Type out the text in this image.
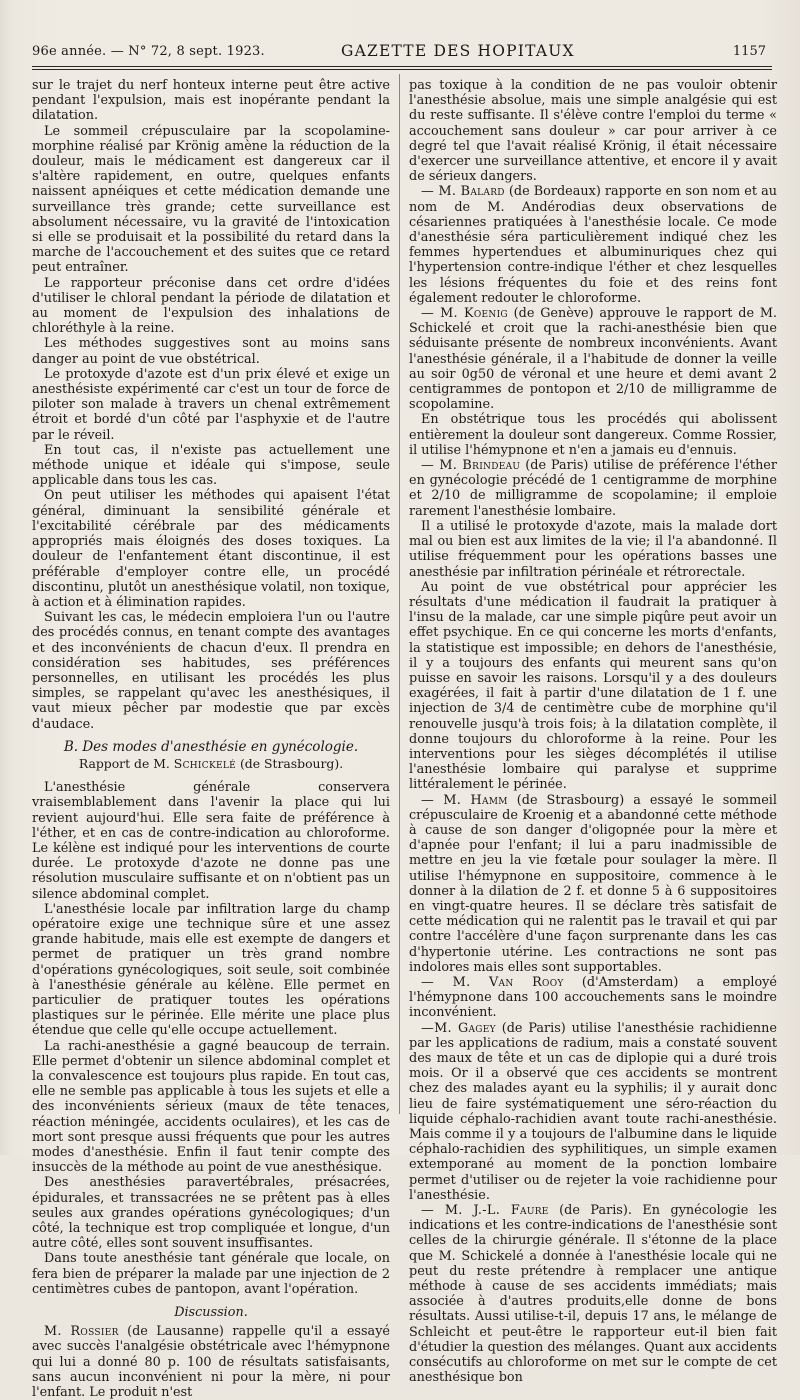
96e année. — N° 72, 8 sept. 1923.	GAZETTE DES HOPITAUX	1157

sur le trajet du nerf honteux interne peut être active pendant l'expulsion, mais est inopérante pendant la dilatation.

Le sommeil crépusculaire par la scopolamine-morphine réalisé par Krönig amène la réduction de la douleur, mais le médicament est dangereux car il s'altère rapidement, en outre, quelques enfants naissent apnéiques et cette médication demande une surveillance très grande; cette surveillance est absolument nécessaire, vu la gravité de l'intoxication si elle se produisait et la possibilité du retard dans la marche de l'accouchement et des suites que ce retard peut entraîner.

Le rapporteur préconise dans cet ordre d'idées d'utiliser le chloral pendant la période de dilatation et au moment de l'expulsion des inhalations de chloréthyle à la reine.

Les méthodes suggestives sont au moins sans danger au point de vue obstétrical.

Le protoxyde d'azote est d'un prix élevé et exige un anesthésiste expérimenté car c'est un tour de force de piloter son malade à travers un chenal extrêmement étroit et bordé d'un côté par l'asphyxie et de l'autre par le réveil.

En tout cas, il n'existe pas actuellement une méthode unique et idéale qui s'impose, seule applicable dans tous les cas.

On peut utiliser les méthodes qui apaisent l'état général, diminuant la sensibilité générale et l'excitabilité cérébrale par des médicaments appropriés mais éloignés des doses toxiques. La douleur de l'enfantement étant discontinue, il est préférable d'employer contre elle, un procédé discontinu, plutôt un anesthésique volatil, non toxique, à action et à élimination rapides.

Suivant les cas, le médecin emploiera l'un ou l'autre des procédés connus, en tenant compte des avantages et des inconvénients de chacun d'eux. Il prendra en considération ses habitudes, ses préférences personnelles, en utilisant les procédés les plus simples, se rappelant qu'avec les anesthésiques, il vaut mieux pêcher par modestie que par excès d'audace.

B. Des modes d'anesthésie en gynécologie.
Rapport de M. Schickelé (de Strasbourg).

L'anesthésie générale conservera vraisemblablement dans l'avenir la place qui lui revient aujourd'hui. Elle sera faite de préférence à l'éther, et en cas de contre-indication au chloroforme. Le kélène est indiqué pour les interventions de courte durée. Le protoxyde d'azote ne donne pas une résolution musculaire suffisante et on n'obtient pas un silence abdominal complet.

L'anesthésie locale par infiltration large du champ opératoire exige une technique sûre et une assez grande habitude, mais elle est exempte de dangers et permet de pratiquer un très grand nombre d'opérations gynécologiques, soit seule, soit combinée à l'anesthésie générale au kélène. Elle permet en particulier de pratiquer toutes les opérations plastiques sur le périnée. Elle mérite une place plus étendue que celle qu'elle occupe actuellement.

La rachi-anesthésie a gagné beaucoup de terrain. Elle permet d'obtenir un silence abdominal complet et la convalescence est toujours plus rapide. En tout cas, elle ne semble pas applicable à tous les sujets et elle a des inconvénients sérieux (maux de tête tenaces, réaction méningée, accidents oculaires), et les cas de mort sont presque aussi fréquents que pour les autres modes d'anesthésie. Enfin il faut tenir compte des insuccès de la méthode au point de vue anesthésique.

Des anesthésies paravertébrales, présacrées, épidurales, et transsacrées ne se prêtent pas à elles seules aux grandes opérations gynécologiques; d'un côté, la technique est trop compliquée et longue, d'un autre côté, elles sont souvent insuffisantes.

Dans toute anesthésie tant générale que locale, on fera bien de préparer la malade par une injection de 2 centimètres cubes de pantopon, avant l'opération.

Discussion.

M. Rossier (de Lausanne) rappelle qu'il a essayé avec succès l'analgésie obstétricale avec l'hémypnone qui lui a donné 80 p. 100 de résultats satisfaisants, sans aucun inconvénient ni pour la mère, ni pour l'enfant. Le produit n'est

pas toxique à la condition de ne pas vouloir obtenir l'anesthésie absolue, mais une simple analgésie qui est du reste suffisante. Il s'élève contre l'emploi du terme « accouchement sans douleur » car pour arriver à ce degré tel que l'avait réalisé Krönig, il était nécessaire d'exercer une surveillance attentive, et encore il y avait de sérieux dangers.

— M. Balard (de Bordeaux) rapporte en son nom et au nom de M. Andérodias deux observations de césariennes pratiquées à l'anesthésie locale. Ce mode d'anesthésie séra particulièrement indiqué chez les femmes hypertendues et albuminuriques chez qui l'hypertension contre-indique l'éther et chez lesquelles les lésions fréquentes du foie et des reins font également redouter le chloroforme.

— M. Koenig (de Genève) approuve le rapport de M. Schickelé et croit que la rachi-anesthésie bien que séduisante présente de nombreux inconvénients. Avant l'anesthésie générale, il a l'habitude de donner la veille au soir 0g50 de véronal et une heure et demi avant 2 centigrammes de pontopon et 2/10 de milligramme de scopolamine.

En obstétrique tous les procédés qui abolissent entièrement la douleur sont dangereux. Comme Rossier, il utilise l'hémypnone et n'en a jamais eu d'ennuis.

— M. Brindeau (de Paris) utilise de préférence l'éther en gynécologie précédé de 1 centigramme de morphine et 2/10 de milligramme de scopolamine; il emploie rarement l'anesthésie lombaire.

Il a utilisé le protoxyde d'azote, mais la malade dort mal ou bien est aux limites de la vie; il l'a abandonné. Il utilise fréquemment pour les opérations basses une anesthésie par infiltration périnéale et rétrorectale.

Au point de vue obstétrical pour apprécier les résultats d'une médication il faudrait la pratiquer à l'insu de la malade, car une simple piqûre peut avoir un effet psychique. En ce qui concerne les morts d'enfants, la statistique est impossible; en dehors de l'anesthésie, il y a toujours des enfants qui meurent sans qu'on puisse en savoir les raisons. Lorsqu'il y a des douleurs exagérées, il fait à partir d'une dilatation de 1 f. une injection de 3/4 de centimètre cube de morphine qu'il renouvelle jusqu'à trois fois; à la dilatation complète, il donne toujours du chloroforme à la reine. Pour les interventions pour les sièges décomplétés il utilise l'anesthésie lombaire qui paralyse et supprime littéralement le périnée.

— M. Hamm (de Strasbourg) a essayé le sommeil crépusculaire de Kroenig et a abandonné cette méthode à cause de son danger d'oligopnée pour la mère et d'apnée pour l'enfant; il lui a paru inadmissible de mettre en jeu la vie fœtale pour soulager la mère. Il utilise l'hémypnone en suppositoire, commence à le donner à la dilation de 2 f. et donne 5 à 6 suppositoires en vingt-quatre heures. Il se déclare très satisfait de cette médication qui ne ralentit pas le travail et qui par contre l'accélère d'une façon surprenante dans les cas d'hypertonie utérine. Les contractions ne sont pas indolores mais elles sont supportables.

— M. Van Rooy (d'Amsterdam) a employé l'hémypnone dans 100 accouchements sans le moindre inconvénient.

—M. Gagey (de Paris) utilise l'anesthésie rachidienne par les applications de radium, mais a constaté souvent des maux de tête et un cas de diplopie qui a duré trois mois. Or il a observé que ces accidents se montrent chez des malades ayant eu la syphilis; il y aurait donc lieu de faire systématiquement une séro-réaction du liquide céphalo-rachidien avant toute rachi-anesthésie. Mais comme il y a toujours de l'albumine dans le liquide céphalo-rachidien des syphilitiques, un simple examen extemporané au moment de la ponction lombaire permet d'utiliser ou de rejeter la voie rachidienne pour l'anesthésie.

— M. J.-L. Faure (de Paris). En gynécologie les indications et les contre-indications de l'anesthésie sont celles de la chirurgie générale. Il s'étonne de la place que M. Schickelé a donnée à l'anesthésie locale qui ne peut du reste prétendre à remplacer une antique méthode à cause de ses accidents immédiats; mais associée à d'autres produits,elle donne de bons résultats. Aussi utilise-t-il, depuis 17 ans, le mélange de Schleicht et peut-être le rapporteur eut-il bien fait d'étudier la question des mélanges. Quant aux accidents consécutifs au chloroforme on met sur le compte de cet anesthésique bon
